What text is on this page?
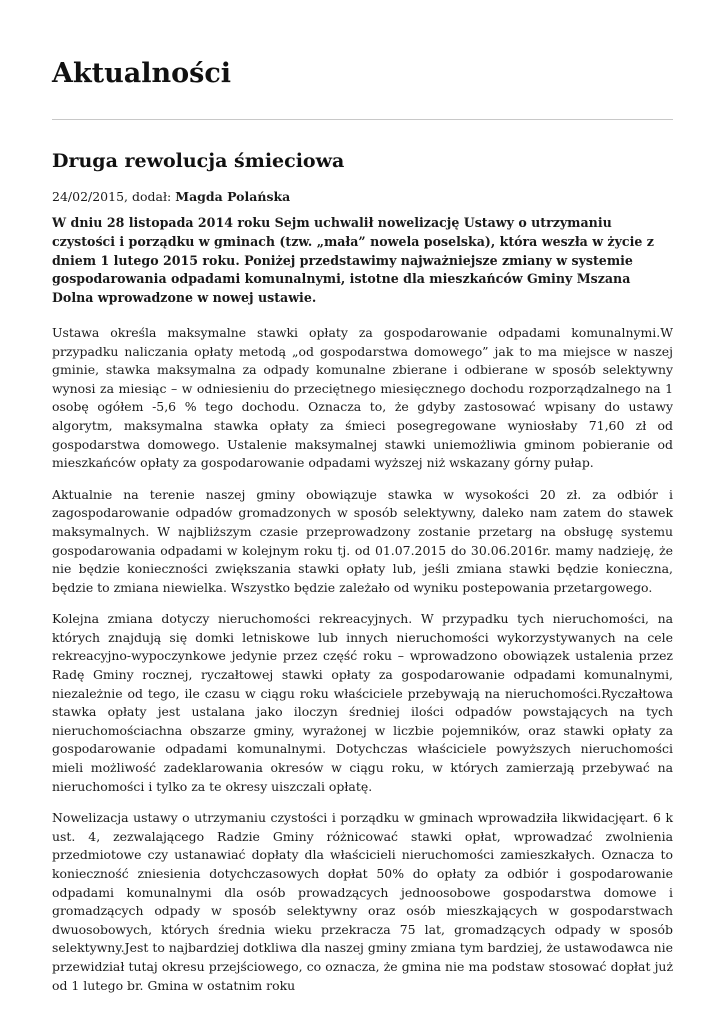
Aktualności
Druga rewolucja śmieciowa

24/02/2015, dodał: Magda Polańska

W dniu 28 listopada 2014 roku Sejm uchwalił nowelizację Ustawy o utrzymaniu czystości i porządku w gminach (tzw. „mała” nowela poselska), która weszła w życie z dniem 1 lutego 2015 roku. Poniżej przedstawimy najważniejsze zmiany w systemie gospodarowania odpadami komunalnymi, istotne dla mieszkańców Gminy Mszana Dolna wprowadzone w nowej ustawie.

Ustawa określa maksymalne stawki opłaty za gospodarowanie odpadami komunalnymi.W przypadku naliczania opłaty metodą „od gospodarstwa domowego” jak to ma miejsce w naszej gminie, stawka maksymalna za odpady komunalne zbierane i odbierane w sposób selektywny wynosi za miesiąc – w odniesieniu do przeciętnego miesięcznego dochodu rozporządzalnego na 1 osobę ogółem -5,6 % tego dochodu. Oznacza to, że gdyby zastosować wpisany do ustawy algorytm, maksymalna stawka opłaty za śmieci posegregowane wyniosłaby 71,60 zł od gospodarstwa domowego. Ustalenie maksymalnej stawki uniemożliwia gminom pobieranie od mieszkańców opłaty za gospodarowanie odpadami wyższej niż wskazany górny pułap.

Aktualnie na terenie naszej gminy obowiązuje stawka w wysokości 20 zł. za odbiór i zagospodarowanie odpadów gromadzonych w sposób selektywny, daleko nam zatem do stawek maksymalnych. W najbliższym czasie przeprowadzony zostanie przetarg na obsługę systemu gospodarowania odpadami w kolejnym roku tj. od 01.07.2015 do 30.06.2016r. mamy nadzieję, że nie będzie konieczności zwiększania stawki opłaty lub, jeśli zmiana stawki będzie konieczna, będzie to zmiana niewielka. Wszystko będzie zależało od wyniku postepowania przetargowego.

Kolejna zmiana dotyczy nieruchomości rekreacyjnych. W przypadku tych nieruchomości, na których znajdują się domki letniskowe lub innych nieruchomości wykorzystywanych na cele rekreacyjno-wypoczynkowe jedynie przez część roku – wprowadzono obowiązek ustalenia przez Radę Gminy rocznej, ryczałtowej stawki opłaty za gospodarowanie odpadami komunalnymi, niezależnie od tego, ile czasu w ciągu roku właściciele przebywają na nieruchomości.Ryczałtowa stawka opłaty jest ustalana jako iloczyn średniej ilości odpadów powstających na tych nieruchomościachna obszarze gminy, wyrażonej w liczbie pojemników, oraz stawki opłaty za gospodarowanie odpadami komunalnymi. Dotychczas właściciele powyższych nieruchomości mieli możliwość zadeklarowania okresów w ciągu roku, w których zamierzają przebywać na nieruchomości i tylko za te okresy uiszczali opłatę.

Nowelizacja ustawy o utrzymaniu czystości i porządku w gminach wprowadziła likwidacjęart. 6 k ust. 4, zezwalającego Radzie Gminy różnicować stawki opłat, wprowadzać zwolnienia przedmiotowe czy ustanawiać dopłaty dla właścicieli nieruchomości zamieszkałych. Oznacza to konieczność zniesienia dotychczasowych dopłat 50% do opłaty za odbiór i gospodarowanie odpadami komunalnymi dla osób prowadzących jednoosobowe gospodarstwa domowe i gromadzących odpady w sposób selektywny oraz osób mieszkających w gospodarstwach dwuosobowych, których średnia wieku przekracza 75 lat, gromadzących odpady w sposób selektywny.Jest to najbardziej dotkliwa dla naszej gminy zmiana tym bardziej, że ustawodawca nie przewidział tutaj okresu przejściowego, co oznacza, że gmina nie ma podstaw stosować dopłat już od 1 lutego br. Gmina w ostatnim roku
